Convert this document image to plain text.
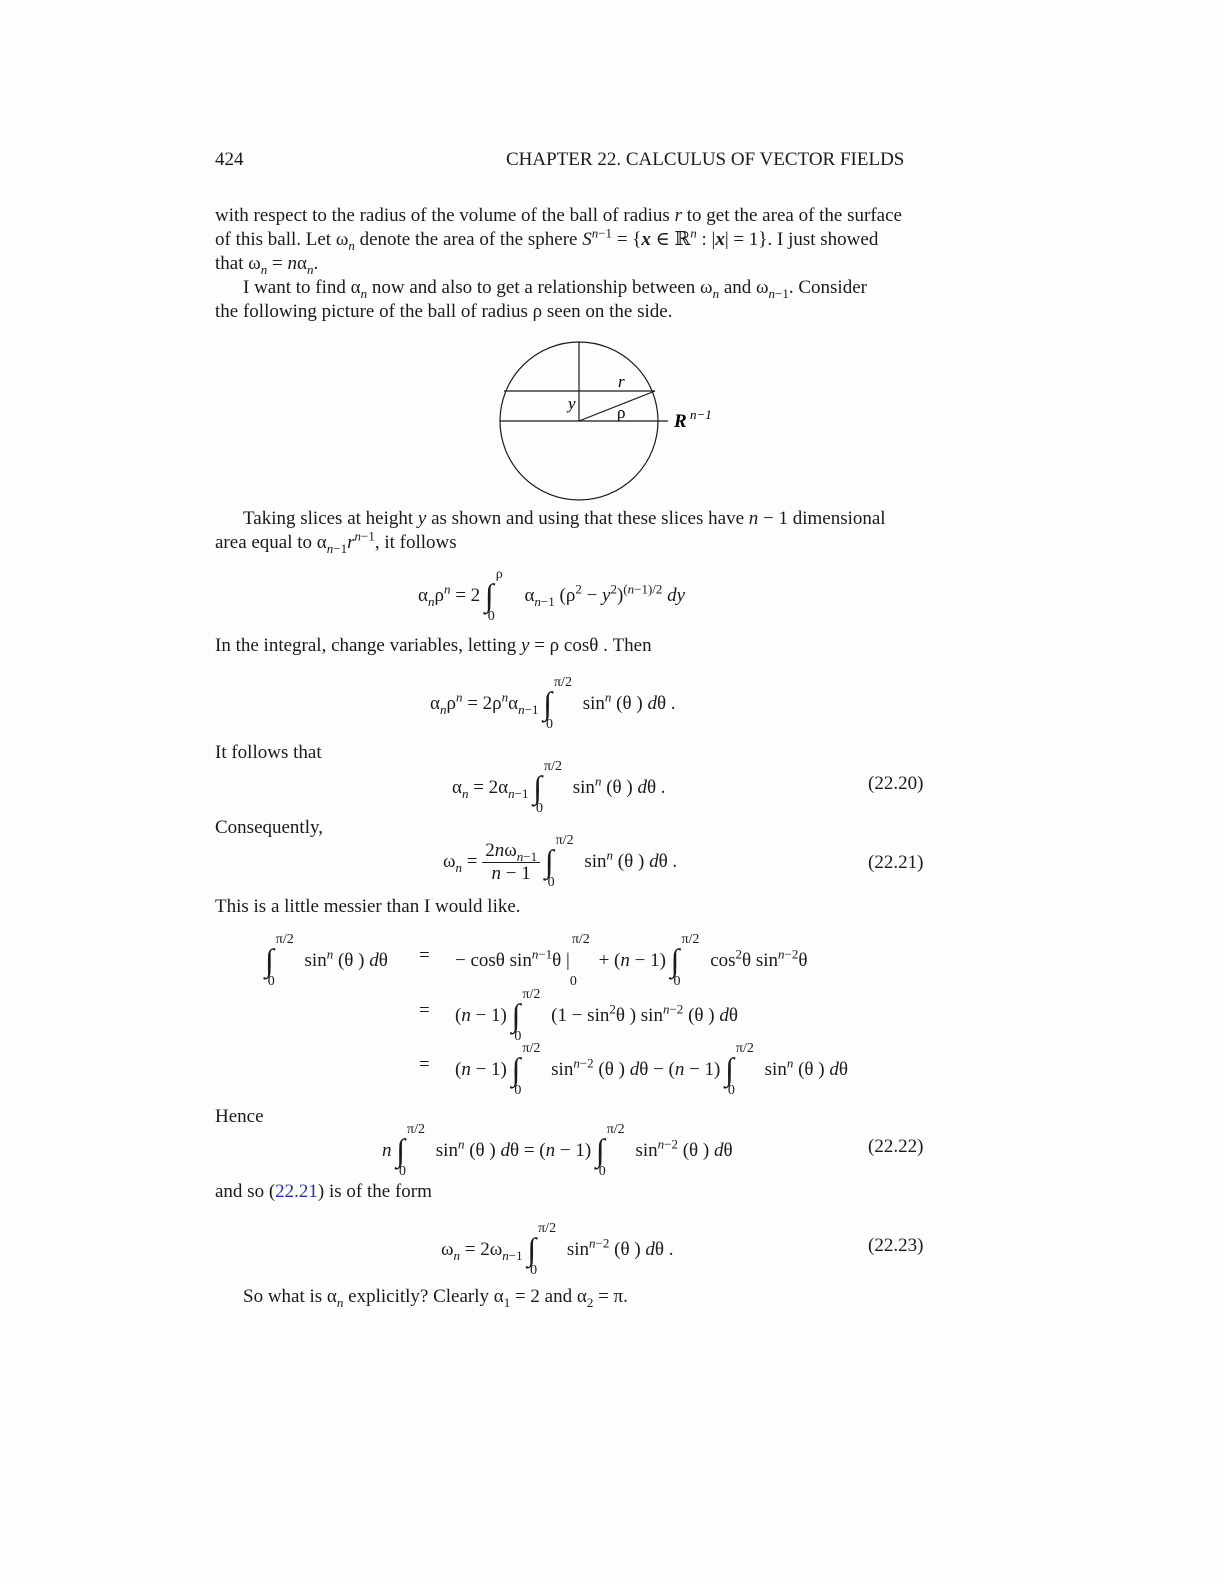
424	CHAPTER 22. CALCULUS OF VECTOR FIELDS
with respect to the radius of the volume of the ball of radius r to get the area of the surface
of this ball. Let $\omega_n$ denote the area of the sphere $S^{n-1} = \{x$ ∈ ℝ$^n$ : |x| = 1}. I just showed
that $\omega_n = n\alpha_n$.
I want to find $\alpha_n$ now and also to get a relationship between $\omega_n$ and $\omega_{n-1}$. Consider
the following picture of the ball of radius ρ seen on the side.
r
y ρ	R n−1
Taking slices at height y as shown and using that these slices have n − 1 dimensional
area equal to $\alpha_{n-1}r^{n-1}$, it follows
$\alpha_n\rho^n = 2$ ∫
ρ
0
$\alpha_{n-1}$ $(\rho^2 - y^2)^{(n-1)/2}$ dy
In the integral, change variables, letting y = ρ cosθ . Then
$\alpha_n\rho^n = 2\rho^n\alpha_{n-1}$ ∫
π/2
0
$\sin^n (\theta$ ) dθ .
It follows that
$\alpha_n = 2\alpha_{n-1}$ ∫
π/2
0
$\sin^n (\theta$ ) dθ .	(22.20)
Consequently,
$\omega_n = \frac{2n\omega_{n-1}}{n - 1}$ ∫
π/2
0
$\sin^n (\theta$ ) dθ .	(22.21)
This is a little messier than I would like.
∫
π/2
0
$\sin^n (\theta$ ) dθ = − cosθ $\sin^{n-1}\theta$ |
π/2
0
+ (n − 1) ∫
π/2
0
$\cos^2\theta$ $\sin^{n-2}\theta$
= (n − 1) ∫
π/2
0
($1 - \sin^2\theta$ ) $\sin^{n-2} (\theta$ ) dθ
= (n − 1) ∫
π/2
0
$\sin^{n-2} (\theta$ ) dθ − (n − 1) ∫
π/2
0
$\sin^n (\theta$ ) dθ
Hence
n ∫
π/2
0
$\sin^n (\theta$ ) dθ = (n − 1) ∫
π/2
0
$\sin^{n-2} (\theta$ ) dθ	(22.22)
and so (22.21) is of the form
$\omega_n = 2\omega_{n-1}$ ∫
π/2
0
$\sin^{n-2} (\theta$ ) dθ .	(22.23)
So what is $\alpha_n$ explicitly? Clearly $\alpha_1 = 2$ and $\alpha_2 = \pi$.
